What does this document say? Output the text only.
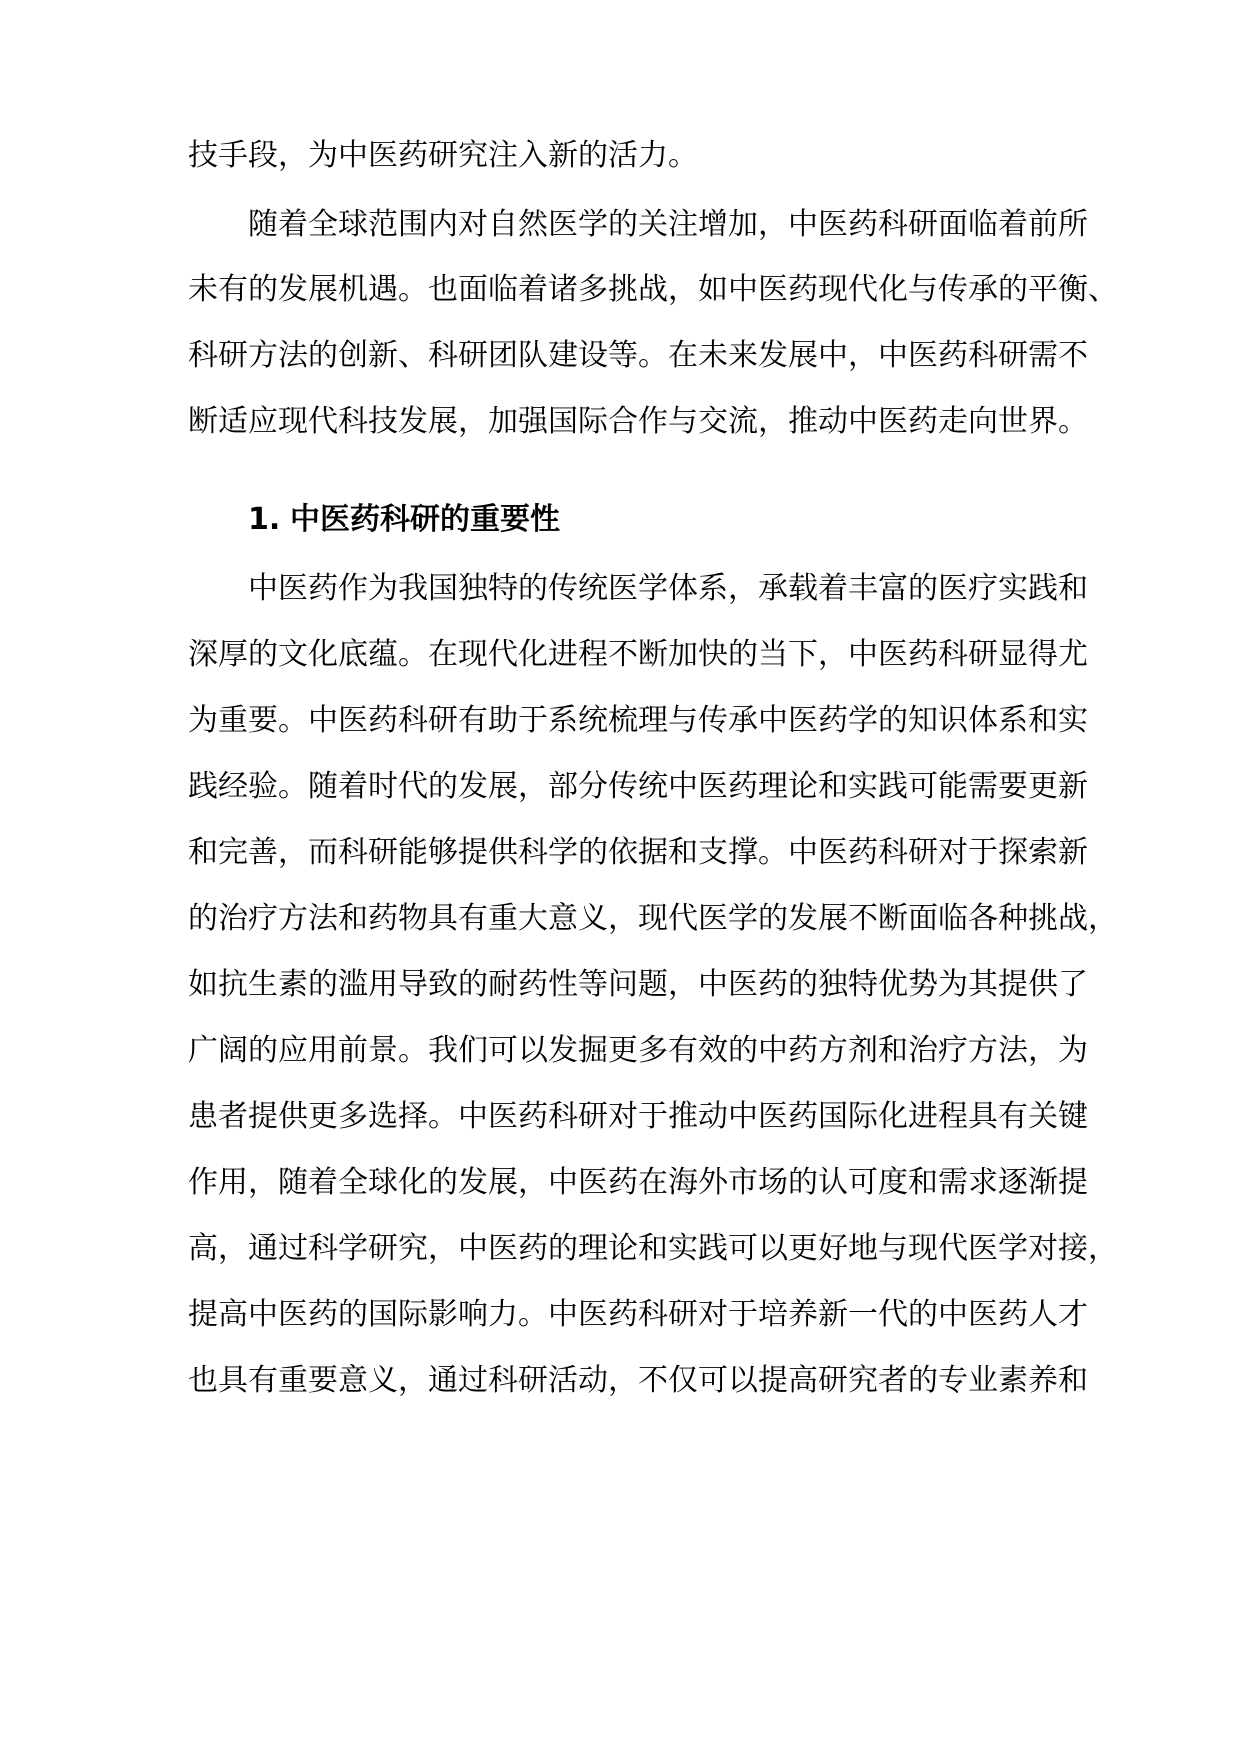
技手段，为中医药研究注入新的活力。
随着全球范围内对自然医学的关注增加，中医药科研面临着前所
未有的发展机遇。也面临着诸多挑战，如中医药现代化与传承的平衡、
科研方法的创新、科研团队建设等。在未来发展中，中医药科研需不
断适应现代科技发展，加强国际合作与交流，推动中医药走向世界。
1. 中医药科研的重要性
中医药作为我国独特的传统医学体系，承载着丰富的医疗实践和
深厚的文化底蕴。在现代化进程不断加快的当下，中医药科研显得尤
为重要。中医药科研有助于系统梳理与传承中医药学的知识体系和实
践经验。随着时代的发展，部分传统中医药理论和实践可能需要更新
和完善，而科研能够提供科学的依据和支撑。中医药科研对于探索新
的治疗方法和药物具有重大意义，现代医学的发展不断面临各种挑战，
如抗生素的滥用导致的耐药性等问题，中医药的独特优势为其提供了
广阔的应用前景。我们可以发掘更多有效的中药方剂和治疗方法，为
患者提供更多选择。中医药科研对于推动中医药国际化进程具有关键
作用，随着全球化的发展，中医药在海外市场的认可度和需求逐渐提
高，通过科学研究，中医药的理论和实践可以更好地与现代医学对接，
提高中医药的国际影响力。中医药科研对于培养新一代的中医药人才
也具有重要意义，通过科研活动，不仅可以提高研究者的专业素养和
